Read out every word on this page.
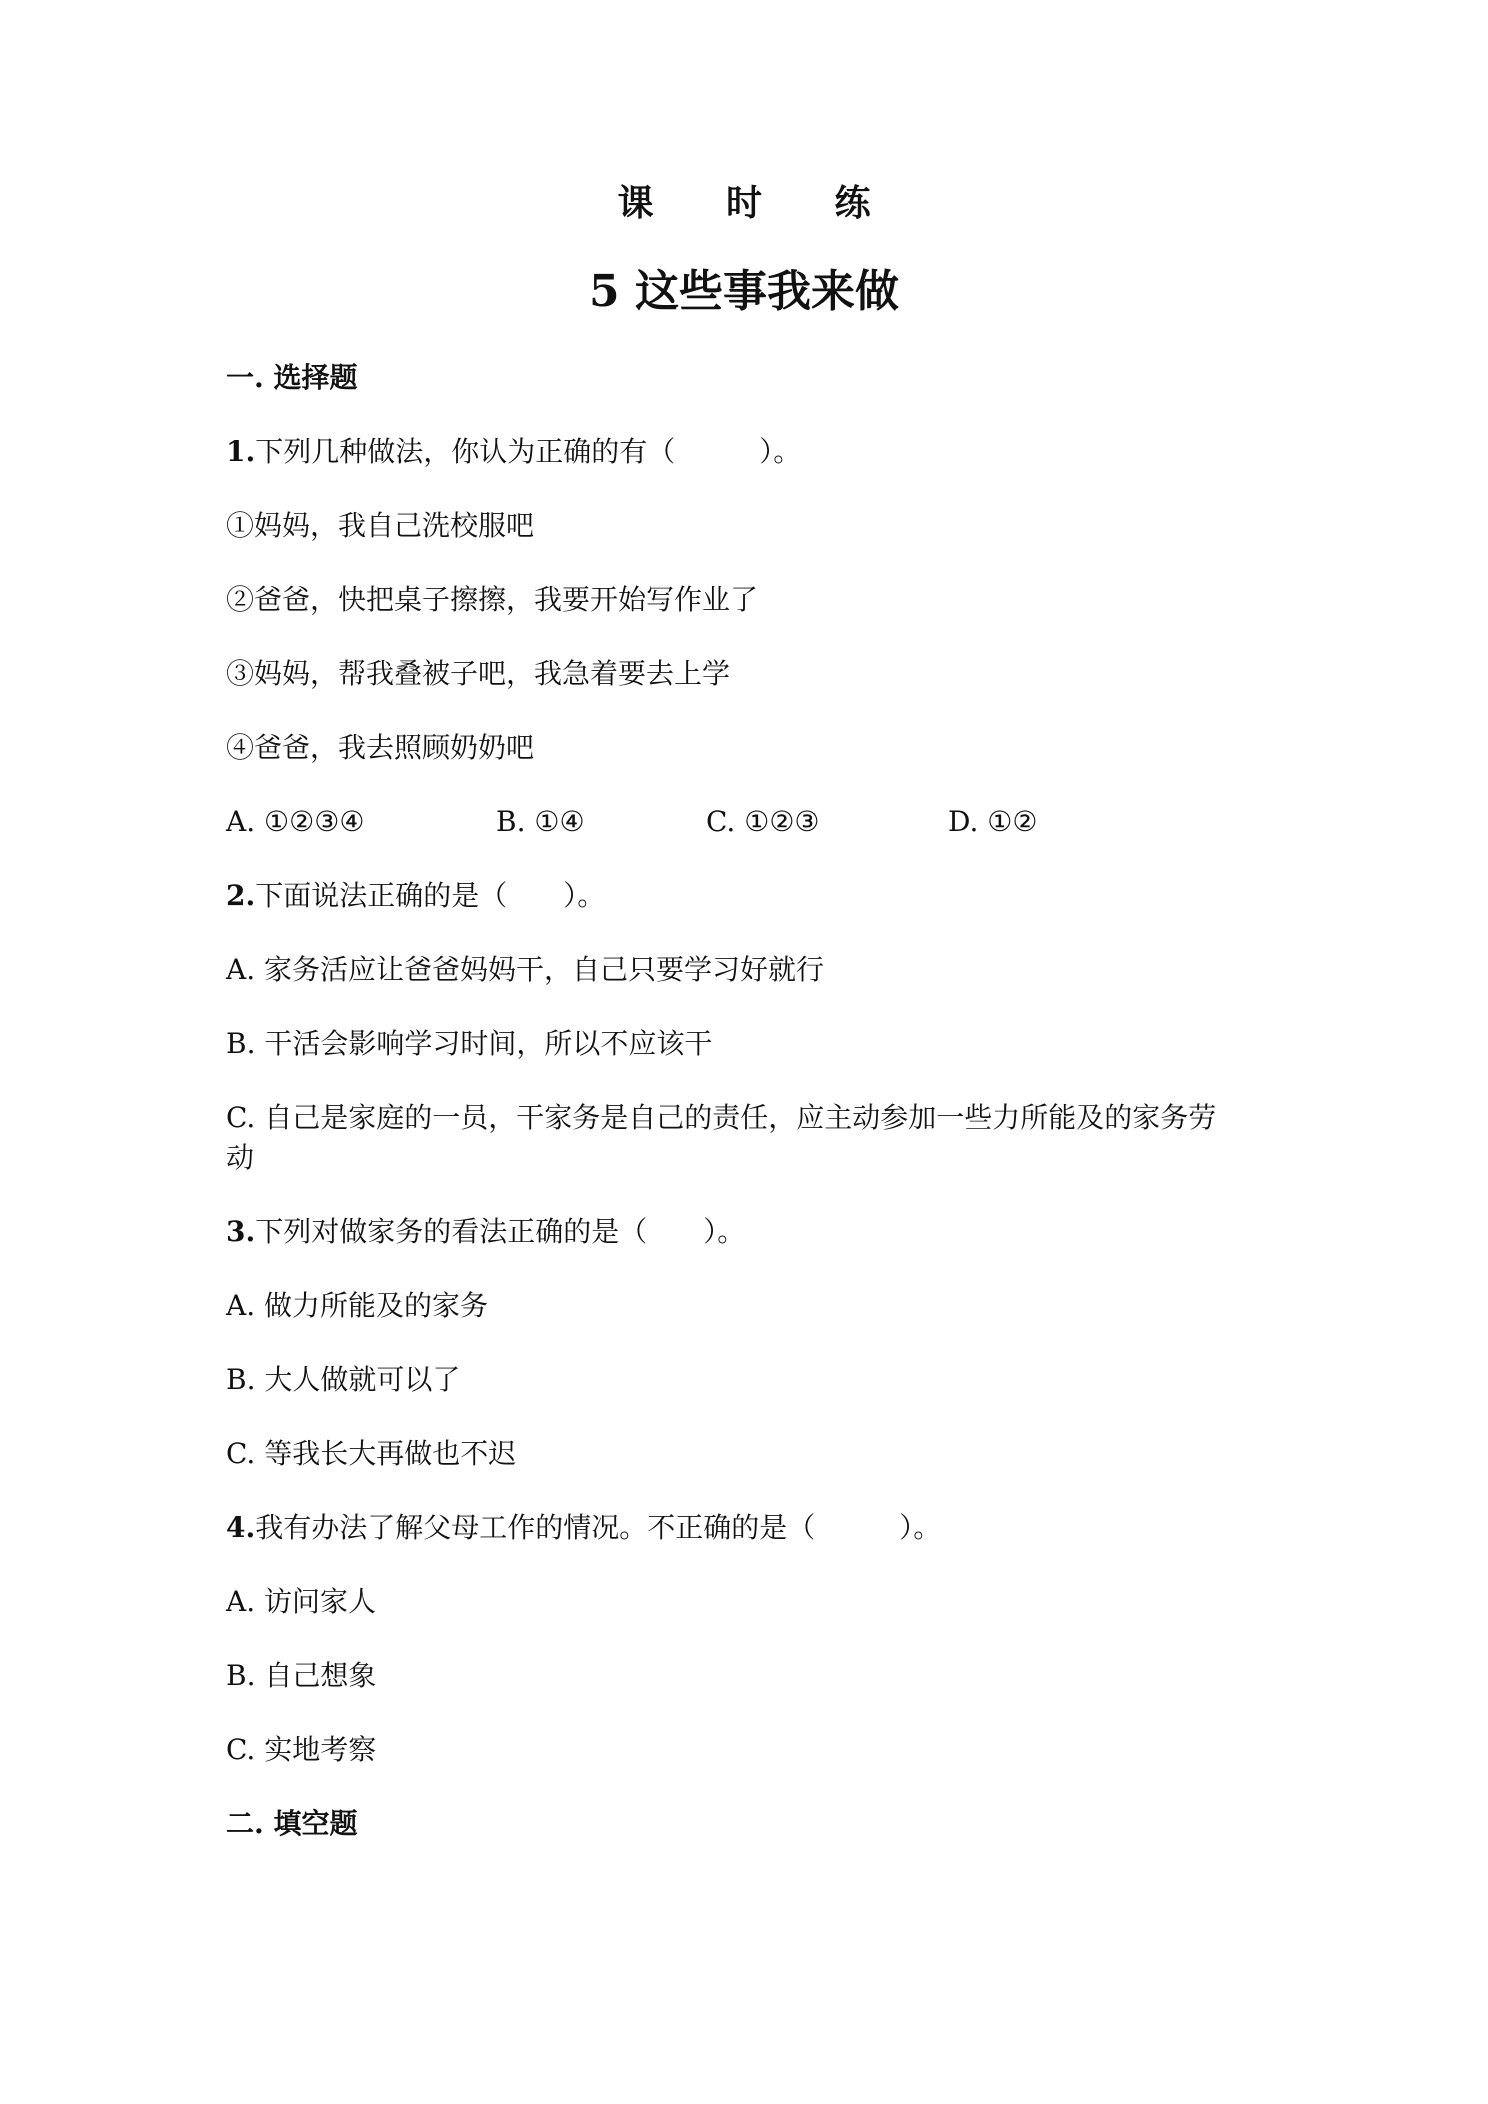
课 时 练
5 这些事我来做
一. 选择题
1.下列几种做法，你认为正确的有（　　　）。
①妈妈，我自己洗校服吧
②爸爸，快把桌子擦擦，我要开始写作业了
③妈妈，帮我叠被子吧，我急着要去上学
④爸爸，我去照顾奶奶吧
A. ①②③④	B. ①④	C. ①②③	D. ①②
2.下面说法正确的是（　　）。
A. 家务活应让爸爸妈妈干，自己只要学习好就行
B. 干活会影响学习时间，所以不应该干
C. 自己是家庭的一员，干家务是自己的责任，应主动参加一些力所能及的家务劳
动
3.下列对做家务的看法正确的是（　　）。
A. 做力所能及的家务
B. 大人做就可以了
C. 等我长大再做也不迟
4.我有办法了解父母工作的情况。不正确的是（　　　）。
A. 访问家人
B. 自己想象
C. 实地考察
二. 填空题
